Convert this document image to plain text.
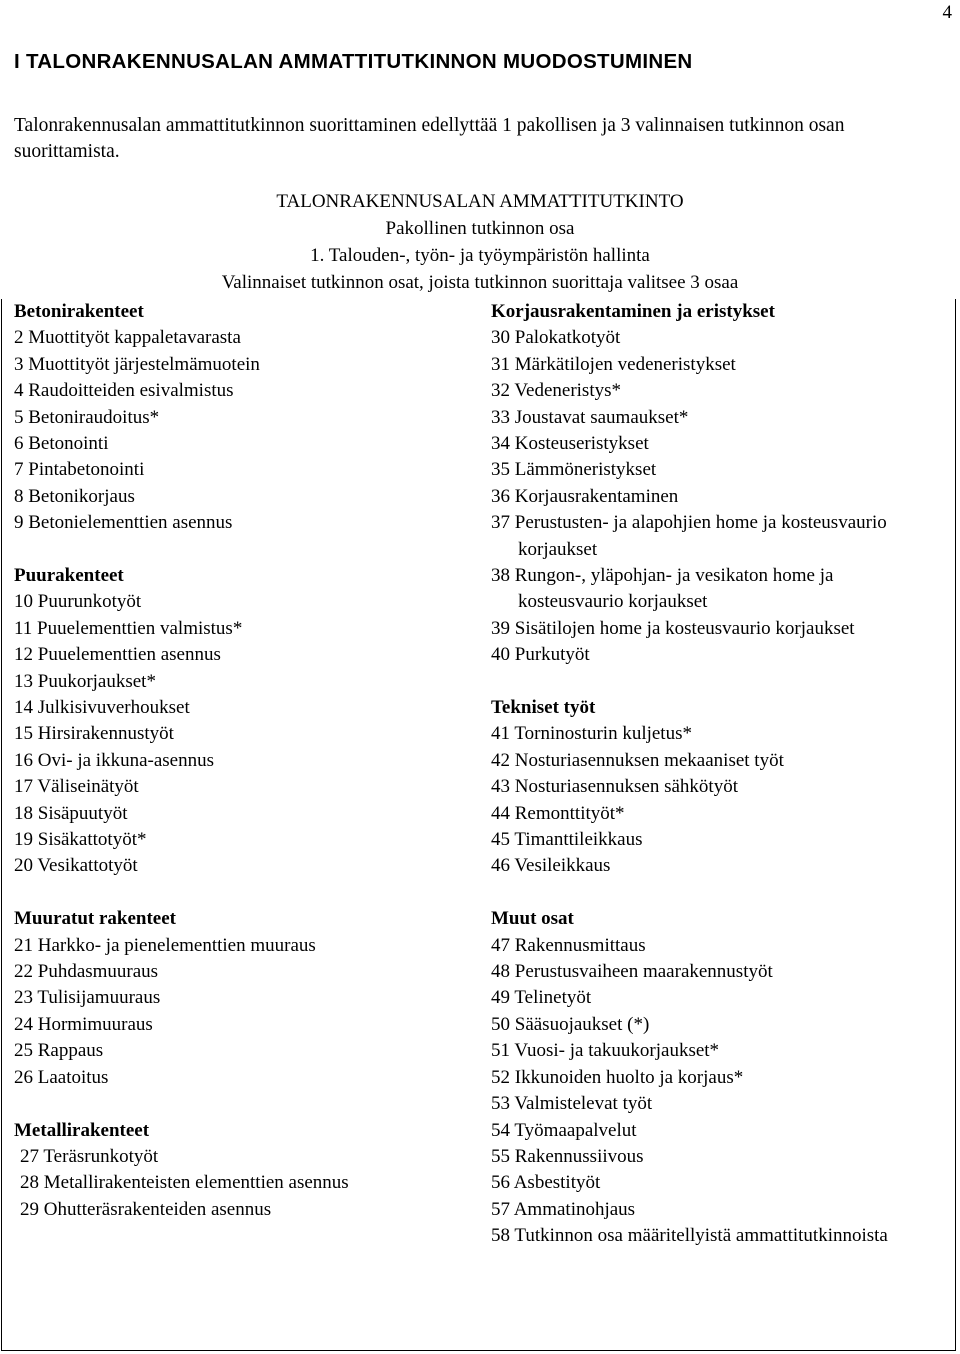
4
I TALONRAKENNUSALAN AMMATTITUTKINNON MUODOSTUMINEN
Talonrakennusalan ammattitutkinnon suorittaminen edellyttää 1 pakollisen ja 3 valinnaisen tutkinnon osan suorittamista.
TALONRAKENNUSALAN AMMATTITUTKINTO
Pakollinen tutkinnon osa
1. Talouden-, työn- ja työympäristön hallinta
Valinnaiset tutkinnon osat, joista tutkinnon suorittaja valitsee 3 osaa
Betonirakenteet
2 Muottityöt kappaletavarasta
3 Muottityöt järjestelmämuotein
4 Raudoitteiden esivalmistus
5 Betoniraudoitus*
6 Betonointi
7 Pintabetonointi
8 Betonikorjaus
9 Betonielementtien asennus
Puurakenteet
10 Puurunkotyöt
11 Puuelementtien valmistus*
12 Puuelementtien asennus
13 Puukorjaukset*
14 Julkisivuverhoukset
15 Hirsirakennustyöt
16 Ovi- ja ikkuna-asennus
17 Väliseinätyöt
18 Sisäpuutyöt
19 Sisäkattotyöt*
20 Vesikattotyöt
Muuratut rakenteet
21 Harkko- ja pienelementtien muuraus
22 Puhdasmuuraus
23 Tulisijamuuraus
24 Hormimuuraus
25 Rappaus
26 Laatoitus
Metallirakenteet
27 Teräsrunkotyöt
28 Metallirakenteisten elementtien asennus
29 Ohutteräsrakenteiden asennus
Korjausrakentaminen ja eristykset
30 Palokatkotyöt
31 Märkätilojen vedeneristykset
32 Vedeneristys*
33 Joustavat saumaukset*
34 Kosteuseristykset
35 Lämmöneristykset
36 Korjausrakentaminen
37 Perustusten- ja alapohjien home ja kosteusvaurio korjaukset
38 Rungon-, yläpohjan- ja vesikaton home ja kosteusvaurio korjaukset
39 Sisätilojen home ja kosteusvaurio korjaukset
40 Purkutyöt
Tekniset työt
41 Torninosturin kuljetus*
42 Nosturiasennuksen mekaaniset työt
43 Nosturiasennuksen sähkötyöt
44 Remonttityöt*
45 Timanttileikkaus
46 Vesileikkaus
Muut osat
47 Rakennusmittaus
48 Perustusvaiheen maarakennustyöt
49 Telinetyöt
50 Sääsuojaukset (*)
51 Vuosi- ja takuukorjaukset*
52 Ikkunoiden huolto ja korjaus*
53 Valmistelevat työt
54 Työmaapalvelut
55 Rakennussiivous
56 Asbestityöt
57 Ammatinohjaus
58 Tutkinnon osa määritellyistä ammattitutkinnoista
